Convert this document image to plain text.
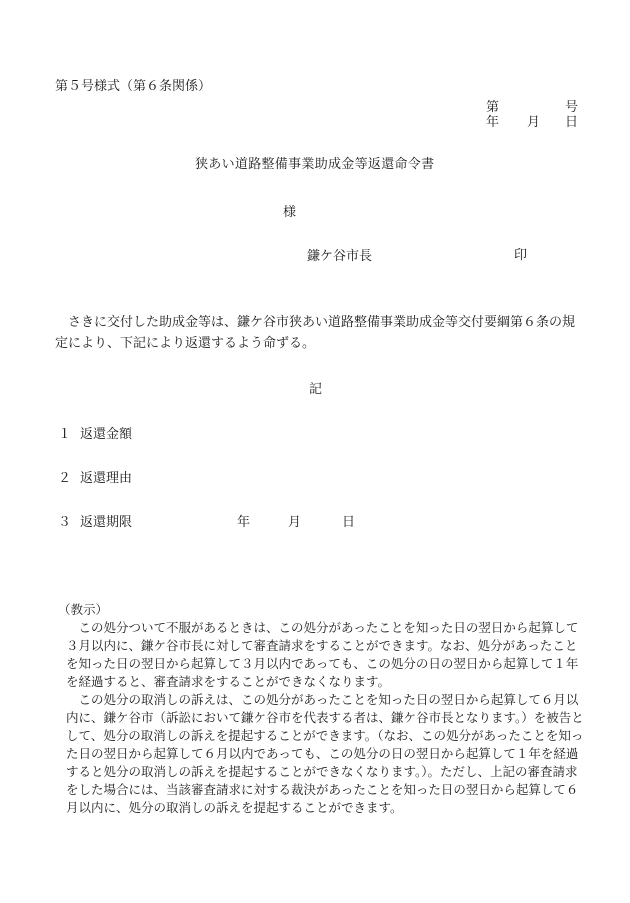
第５号様式（第６条関係）
第	号
年 月 日
狭あい道路整備事業助成金等返還命令書
様
鎌ケ谷市長	印
さきに交付した助成金等は、鎌ケ谷市狭あい道路整備事業助成金等交付要綱第６条の規定により、下記により返還するよう命ずる。
記
１ 返還金額
２ 返還理由
３ 返還期限	年	月	日
（教示）

この処分ついて不服があるときは、この処分があったことを知った日の翌日から起算して３月以内に、鎌ケ谷市長に対して審査請求をすることができます。なお、処分があったことを知った日の翌日から起算して３月以内であっても、この処分の日の翌日から起算して１年を経過すると、審査請求をすることができなくなります。

この処分の取消しの訴えは、この処分があったことを知った日の翌日から起算して６月以内に、鎌ケ谷市（訴訟において鎌ケ谷市を代表する者は、鎌ケ谷市長となります。）を被告として、処分の取消しの訴えを提起することができます。（なお、この処分があったことを知った日の翌日から起算して６月以内であっても、この処分の日の翌日から起算して１年を経過すると処分の取消しの訴えを提起することができなくなります。）。ただし、上記の審査請求をした場合には、当該審査請求に対する裁決があったことを知った日の翌日から起算して６月以内に、処分の取消しの訴えを提起することができます。
